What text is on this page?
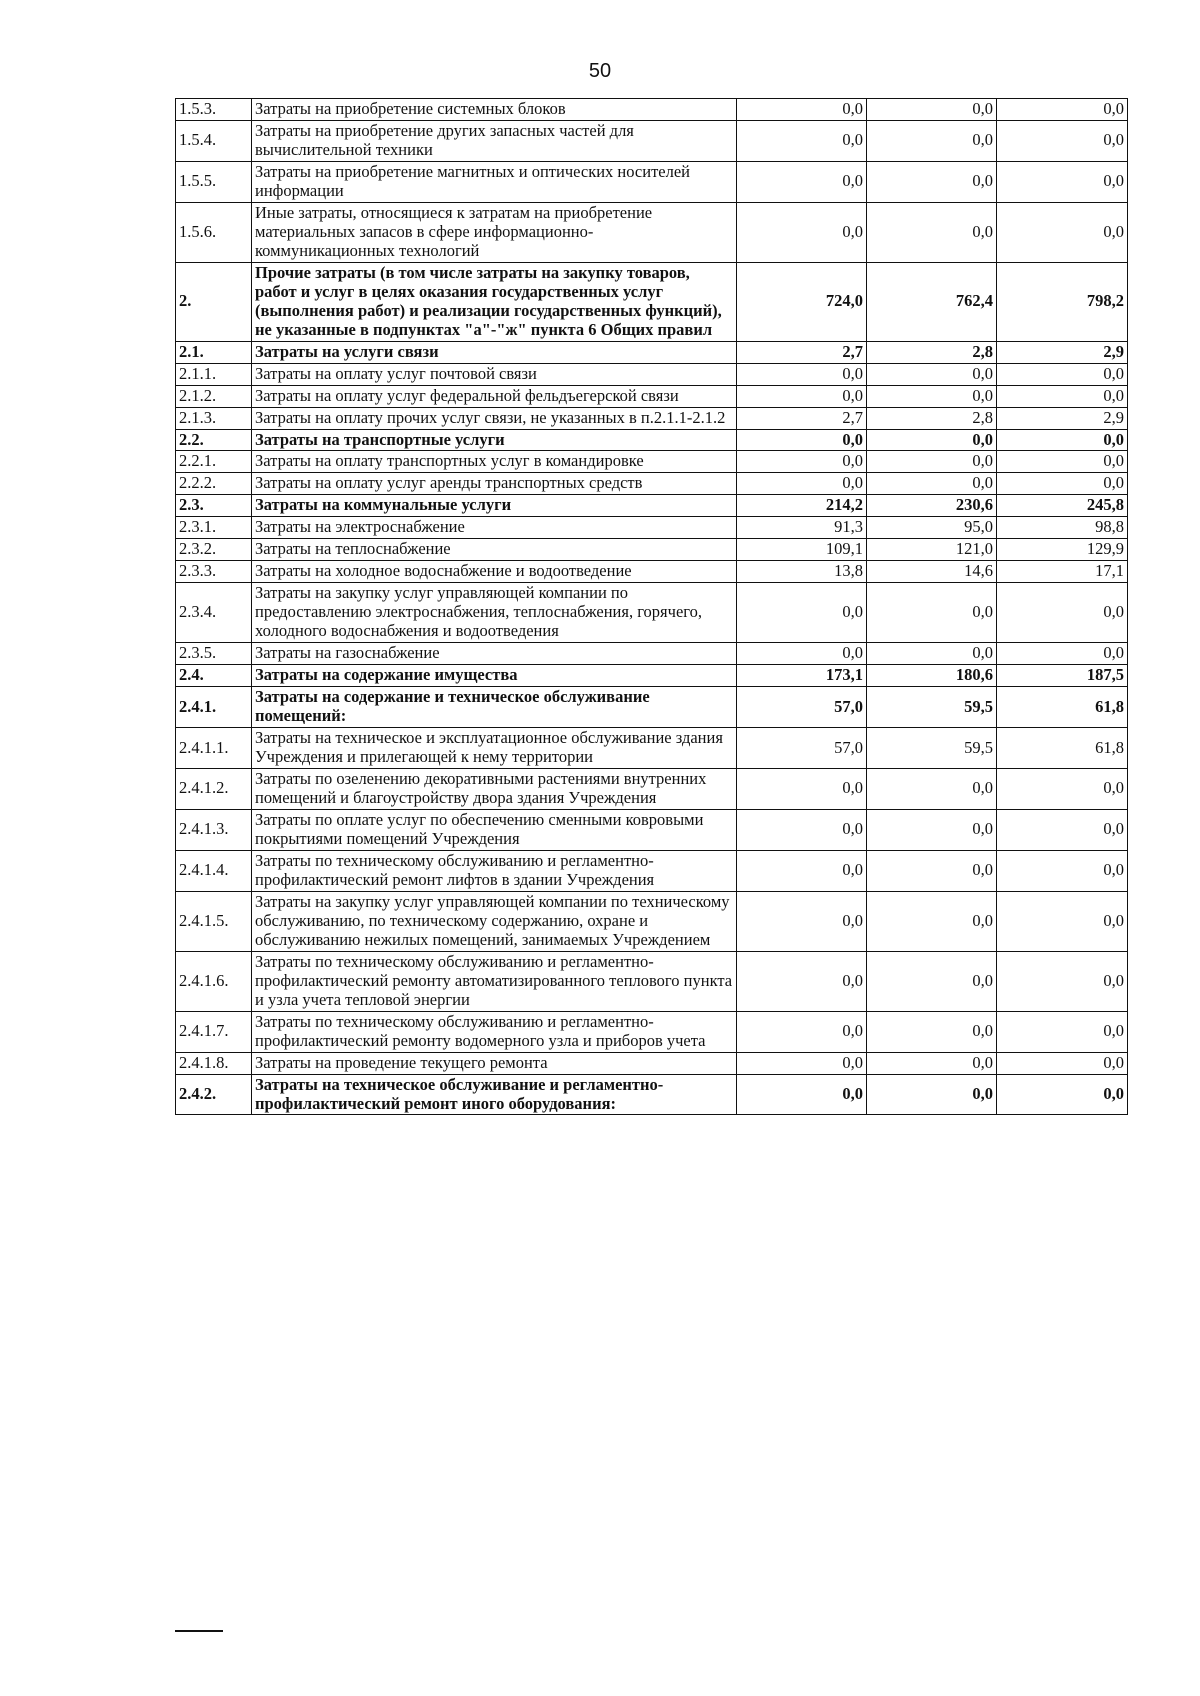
50
1.5.3.	Затраты на приобретение системных блоков	0,0	0,0	0,0
1.5.4.	Затраты на приобретение других запасных частей для вычислительной техники	0,0	0,0	0,0
1.5.5.	Затраты на приобретение магнитных и оптических носителей информации	0,0	0,0	0,0
1.5.6.	Иные затраты, относящиеся к затратам на приобретение материальных запасов в сфере информационно-коммуникационных технологий	0,0	0,0	0,0
2.	Прочие затраты (в том числе затраты на закупку товаров, работ и услуг в целях оказания государственных услуг (выполнения работ) и реализации государственных функций), не указанные в подпунктах "а"-"ж" пункта 6 Общих правил	724,0	762,4	798,2
2.1.	Затраты на услуги связи	2,7	2,8	2,9
2.1.1.	Затраты на оплату услуг почтовой связи	0,0	0,0	0,0
2.1.2.	Затраты на оплату услуг федеральной фельдъегерской связи	0,0	0,0	0,0
2.1.3.	Затраты на оплату прочих услуг связи, не указанных в п.2.1.1-2.1.2	2,7	2,8	2,9
2.2.	Затраты на транспортные услуги	0,0	0,0	0,0
2.2.1.	Затраты на оплату транспортных услуг в командировке	0,0	0,0	0,0
2.2.2.	Затраты на оплату услуг аренды транспортных средств	0,0	0,0	0,0
2.3.	Затраты на коммунальные услуги	214,2	230,6	245,8
2.3.1.	Затраты на электроснабжение	91,3	95,0	98,8
2.3.2.	Затраты на теплоснабжение	109,1	121,0	129,9
2.3.3.	Затраты на холодное водоснабжение и водоотведение	13,8	14,6	17,1
2.3.4.	Затраты на закупку услуг управляющей компании по предоставлению электроснабжения, теплоснабжения, горячего, холодного водоснабжения и водоотведения	0,0	0,0	0,0
2.3.5.	Затраты на газоснабжение	0,0	0,0	0,0
2.4.	Затраты на содержание имущества	173,1	180,6	187,5
2.4.1.	Затраты на содержание и техническое обслуживание помещений:	57,0	59,5	61,8
2.4.1.1.	Затраты на техническое и эксплуатационное обслуживание здания Учреждения и прилегающей к нему территории	57,0	59,5	61,8
2.4.1.2.	Затраты по озеленению декоративными растениями внутренних помещений и благоустройству двора здания Учреждения	0,0	0,0	0,0
2.4.1.3.	Затраты по оплате услуг по обеспечению сменными ковровыми покрытиями помещений Учреждения	0,0	0,0	0,0
2.4.1.4.	Затраты по техническому обслуживанию и регламентно-профилактический ремонт лифтов в здании Учреждения	0,0	0,0	0,0
2.4.1.5.	Затраты на закупку услуг управляющей компании по техническому обслуживанию, по техническому содержанию, охране и обслуживанию нежилых помещений, занимаемых Учреждением	0,0	0,0	0,0
2.4.1.6.	Затраты по техническому обслуживанию и регламентно-профилактический ремонту автоматизированного теплового пункта и узла учета тепловой энергии	0,0	0,0	0,0
2.4.1.7.	Затраты по техническому обслуживанию и регламентно-профилактический ремонту водомерного узла и приборов учета	0,0	0,0	0,0
2.4.1.8.	Затраты на проведение текущего ремонта	0,0	0,0	0,0
2.4.2.	Затраты на техническое обслуживание и регламентно-профилактический ремонт иного оборудования:	0,0	0,0	0,0
